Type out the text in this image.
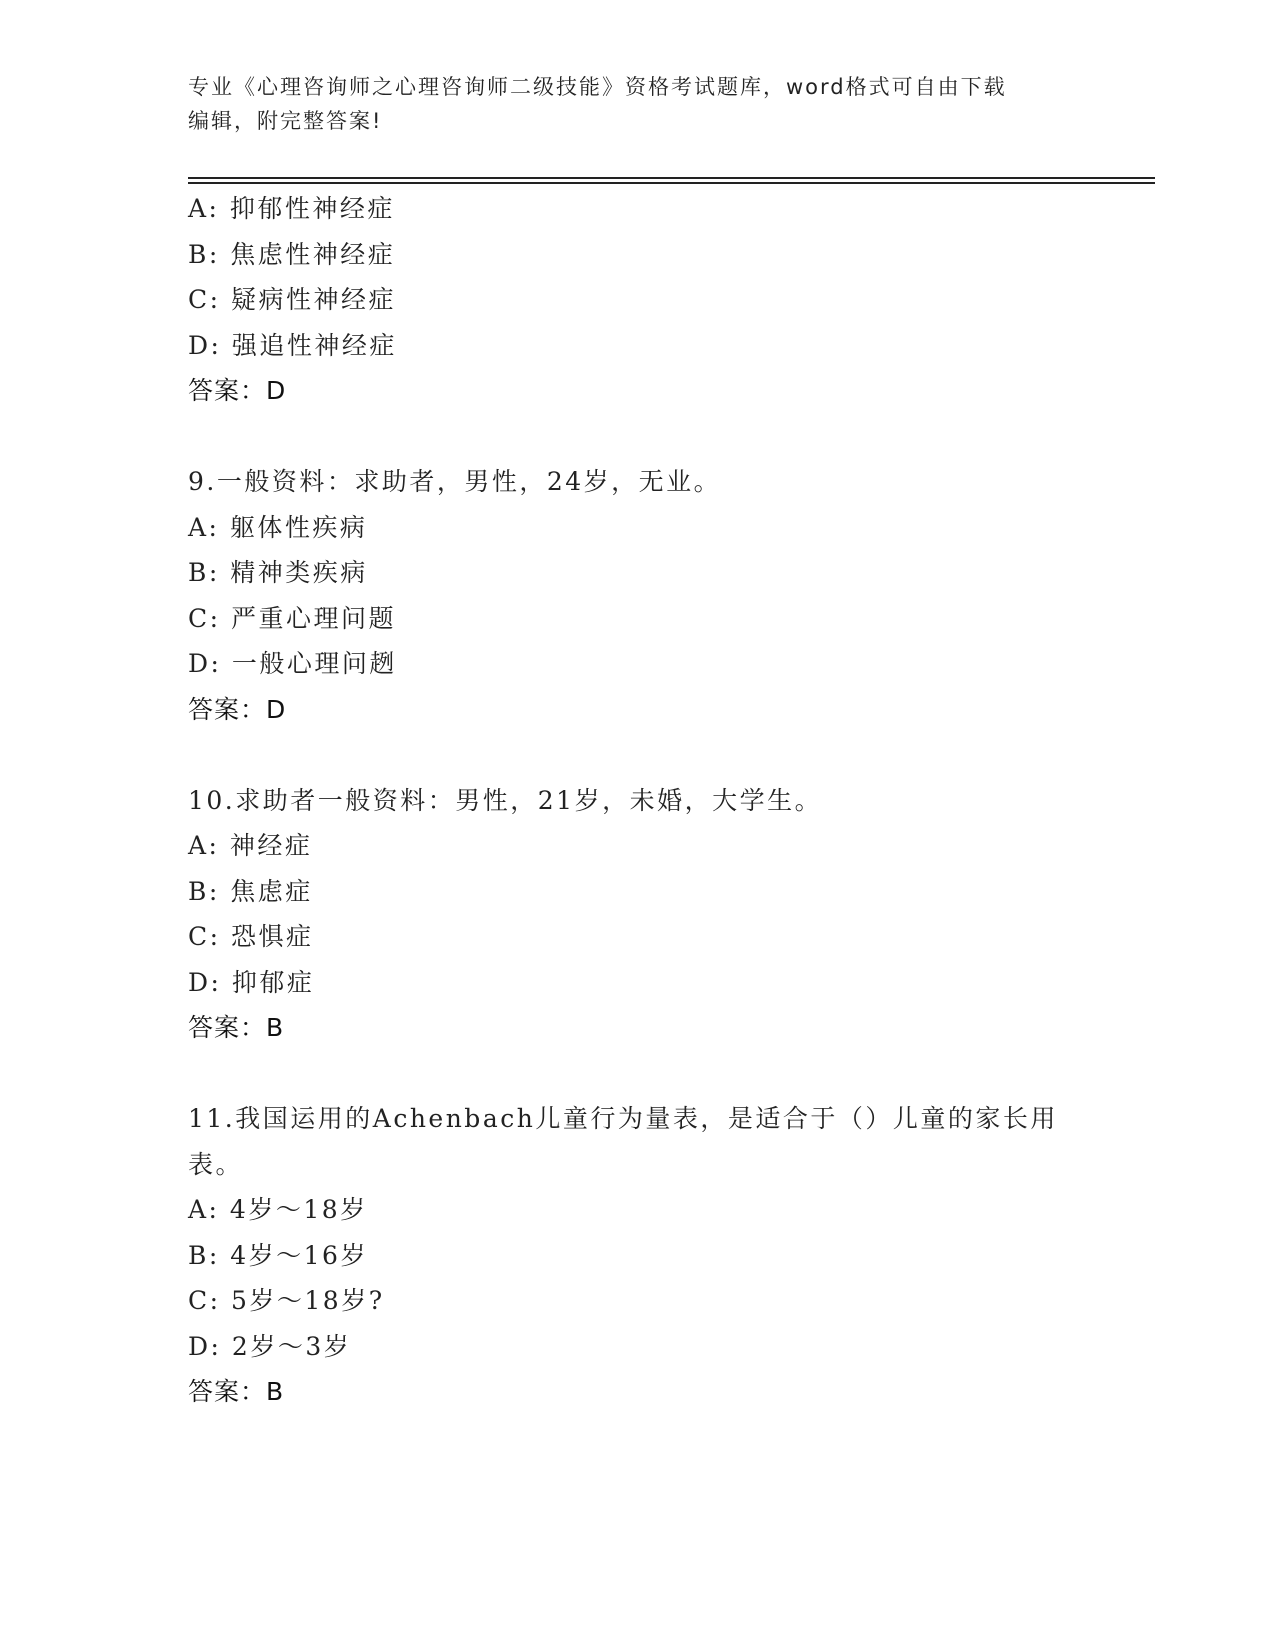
专业《心理咨询师之心理咨询师二级技能》资格考试题库，word格式可自由下载
编辑，附完整答案!
A: 抑郁性神经症
B: 焦虑性神经症
C: 疑病性神经症
D: 强追性神经症
答案：D
9.一般资料：求助者，男性，24岁，无业。
A: 躯体性疾病
B: 精神类疾病
C: 严重心理问题
D: 一般心理问趔
答案：D
10.求助者一般资料：男性，21岁，未婚，大学生。
A: 神经症
B: 焦虑症
C: 恐惧症
D: 抑郁症
答案：B
11.我国运用的Achenbach儿童行为量表，是适合于（）儿童的家长用
表。
A: 4岁～18岁
B: 4岁～16岁
C: 5岁～18岁?
D: 2岁～3岁
答案：B
